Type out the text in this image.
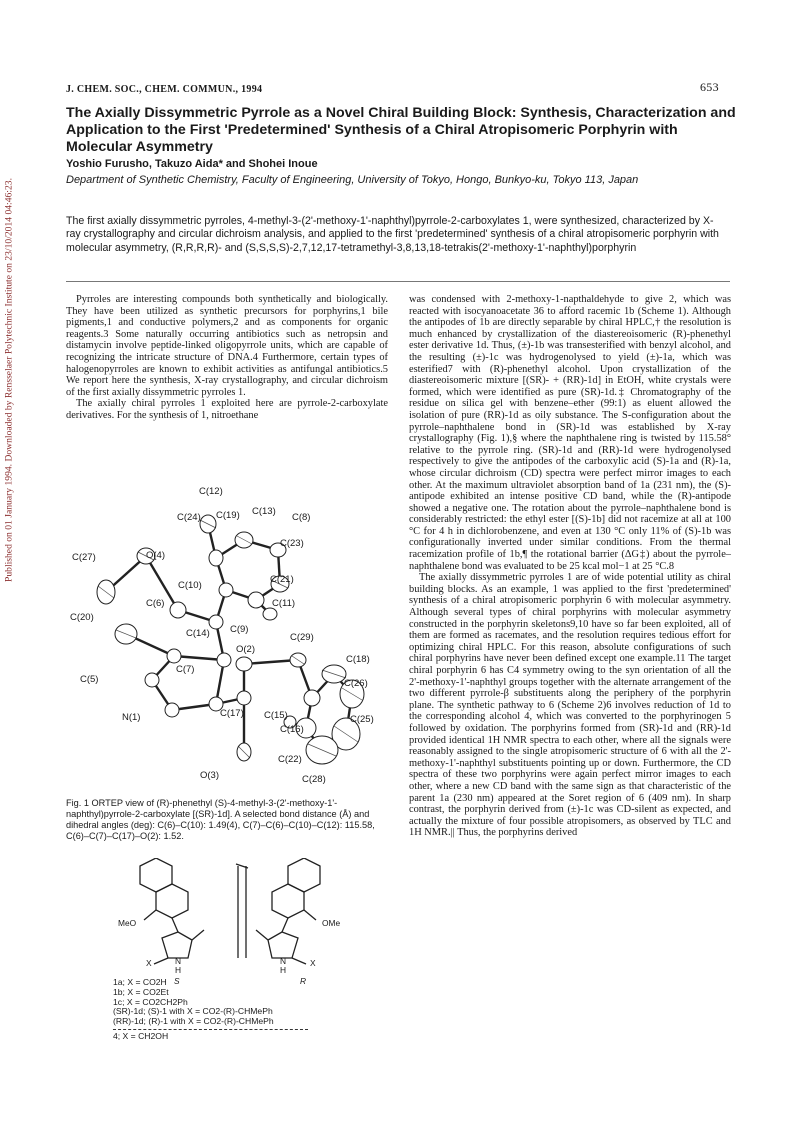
Published on 01 January 1994. Downloaded by Rensselaer Polytechnic Institute on 23/10/2014 04:46:23.
J. CHEM. SOC., CHEM. COMMUN., 1994	653
The Axially Dissymmetric Pyrrole as a Novel Chiral Building Block: Synthesis, Characterization and Application to the First 'Predetermined' Synthesis of a Chiral Atropisomeric Porphyrin with Molecular Asymmetry
Yoshio Furusho, Takuzo Aida* and Shohei Inoue
Department of Synthetic Chemistry, Faculty of Engineering, University of Tokyo, Hongo, Bunkyo-ku, Tokyo 113, Japan
The first axially dissymmetric pyrroles, 4-methyl-3-(2'-methoxy-1'-naphthyl)pyrrole-2-carboxylates 1, were synthesized, characterized by X-ray crystallography and circular dichroism analysis, and applied to the first 'predetermined' synthesis of a chiral atropisomeric porphyrin with molecular asymmetry, (R,R,R,R)- and (S,S,S,S)-2,7,12,17-tetramethyl-3,8,13,18-tetrakis(2'-methoxy-1'-naphthyl)porphyrin

Pyrroles are interesting compounds both synthetically and biologically. They have been utilized as synthetic precursors for porphyrins,1 bile pigments,1 and conductive polymers,2 and as components for organic reagents.3 Some naturally occurring antibiotics such as netropsin and distamycin involve peptide-linked oligopyrrole units, which are capable of recognizing the intricate structure of DNA.4 Furthermore, certain types of halogenopyrroles are known to exhibit activities as antifungal antibiotics.5 We report here the synthesis, X-ray crystallography, and circular dichroism of the first axially dissymmetric pyrroles 1.

The axially chiral pyrroles 1 exploited here are pyrrole-2-carboxylate derivatives. For the synthesis of 1, nitroethane

C(12)
C(24) C(19) C(13)
C(8)
C(23)
C(27)	O(4)
C(21)
C(10)
C(11)
C(6)
C(20)
C(14) C(9)
C(29)
O(2)
C(18)
C(7)
C(26)
C(5)
N(1)	C(17) C(15)	C(25)
C(16)
O(3)
C(22)
C(28)
Fig. 1 ORTEP view of (R)-phenethyl (S)-4-methyl-3-(2'-methoxy-1'-naphthyl)pyrrole-2-carboxylate [(SR)-1d]. A selected bond distance (Å) and dihedral angles (deg): C(6)–C(10): 1.49(4), C(7)–C(6)–C(10)–C(12): 115.58, C(6)–C(7)–C(17)–O(2): 1.52.
MeO
X	N
H
OMe
X
N
H
S	R
1a; X = CO2H
1b; X = CO2Et
1c; X = CO2CH2Ph
(SR)-1d; (S)-1 with X = CO2-(R)-CHMePh
(RR)-1d; (R)-1 with X = CO2-(R)-CHMePh
4; X = CH2OH

was condensed with 2-methoxy-1-napthaldehyde to give 2, which was reacted with isocyanoacetate 36 to afford racemic 1b (Scheme 1). Although the antipodes of 1b are directly separable by chiral HPLC,† the resolution is much enhanced by crystallization of the diastereoisomeric (R)-phenethyl ester derivative 1d. Thus, (±)-1b was transesterified with benzyl alcohol, and the resulting (±)-1c was hydrogenolysed to yield (±)-1a, which was esterified7 with (R)-phenethyl alcohol. Upon crystallization of the diastereoisomeric mixture [(SR)- + (RR)-1d] in EtOH, white crystals were formed, which were identified as pure (SR)-1d.‡ Chromatography of the residue on silica gel with benzene–ether (99:1) as eluent allowed the isolation of pure (RR)-1d as oily substance. The S-configuration about the pyrrole–naphthalene bond in (SR)-1d was established by X-ray crystallography (Fig. 1),§ where the naphthalene ring is twisted by 115.58° relative to the pyrrole ring. (SR)-1d and (RR)-1d were hydrogenolysed respectively to give the antipodes of the carboxylic acid (S)-1a and (R)-1a, whose circular dichroism (CD) spectra were perfect mirror images to each other. At the maximum ultraviolet absorption band of 1a (231 nm), the (S)-antipode exhibited an intense positive CD band, while the (R)-antipode showed a negative one. The rotation about the pyrrole–naphthalene bond is considerably restricted: the ethyl ester [(S)-1b] did not racemize at all at 100 °C for 4 h in dichlorobenzene, and even at 130 °C only 11% of (S)-1b was configurationally inverted under similar conditions. From the thermal racemization profile of 1b,¶ the rotational barrier (ΔG‡) about the pyrrole–naphthalene bond was evaluated to be 25 kcal mol−1 at 25 °C.8

The axially dissymmetric pyrroles 1 are of wide potential utility as chiral building blocks. As an example, 1 was applied to the first 'predetermined' synthesis of a chiral atropisomeric porphyrin 6 with molecular asymmetry. Although several types of chiral porphyrins with molecular asymmetry constructed in the porphyrin skeletons9,10 have so far been exploited, all of them are formed as racemates, and the resolution requires tedious effort for optimizing chiral HPLC. For this reason, absolute configurations of such chiral porphyrins have never been defined except one example.11 The target chiral porphyrin 6 has C4 symmetry owing to the syn orientation of all the 2'-methoxy-1'-naphthyl groups together with the alternate arrangement of the two different pyrrole-β substituents along the periphery of the porphyrin plane. The synthetic pathway to 6 (Scheme 2)6 involves reduction of 1d to the corresponding alcohol 4, which was converted to the porphyrinogen 5 followed by oxidation. The porphyrins formed from (SR)-1d and (RR)-1d provided identical 1H NMR spectra to each other, where all the signals were reasonably assigned to the single atropisomeric structure of 6 with all the 2'-methoxy-1'-naphthyl substituents pointing up or down. Furthermore, the CD spectra of these two porphyrins were again perfect mirror images to each other, where a new CD band with the same sign as that characteristic of the parent 1a (230 nm) appeared at the Soret region of 6 (409 nm). In sharp contrast, the porphyrin derived from (±)-1c was CD-silent as expected, and actually the mixture of four possible atropisomers, as observed by TLC and 1H NMR.|| Thus, the porphyrins derived
